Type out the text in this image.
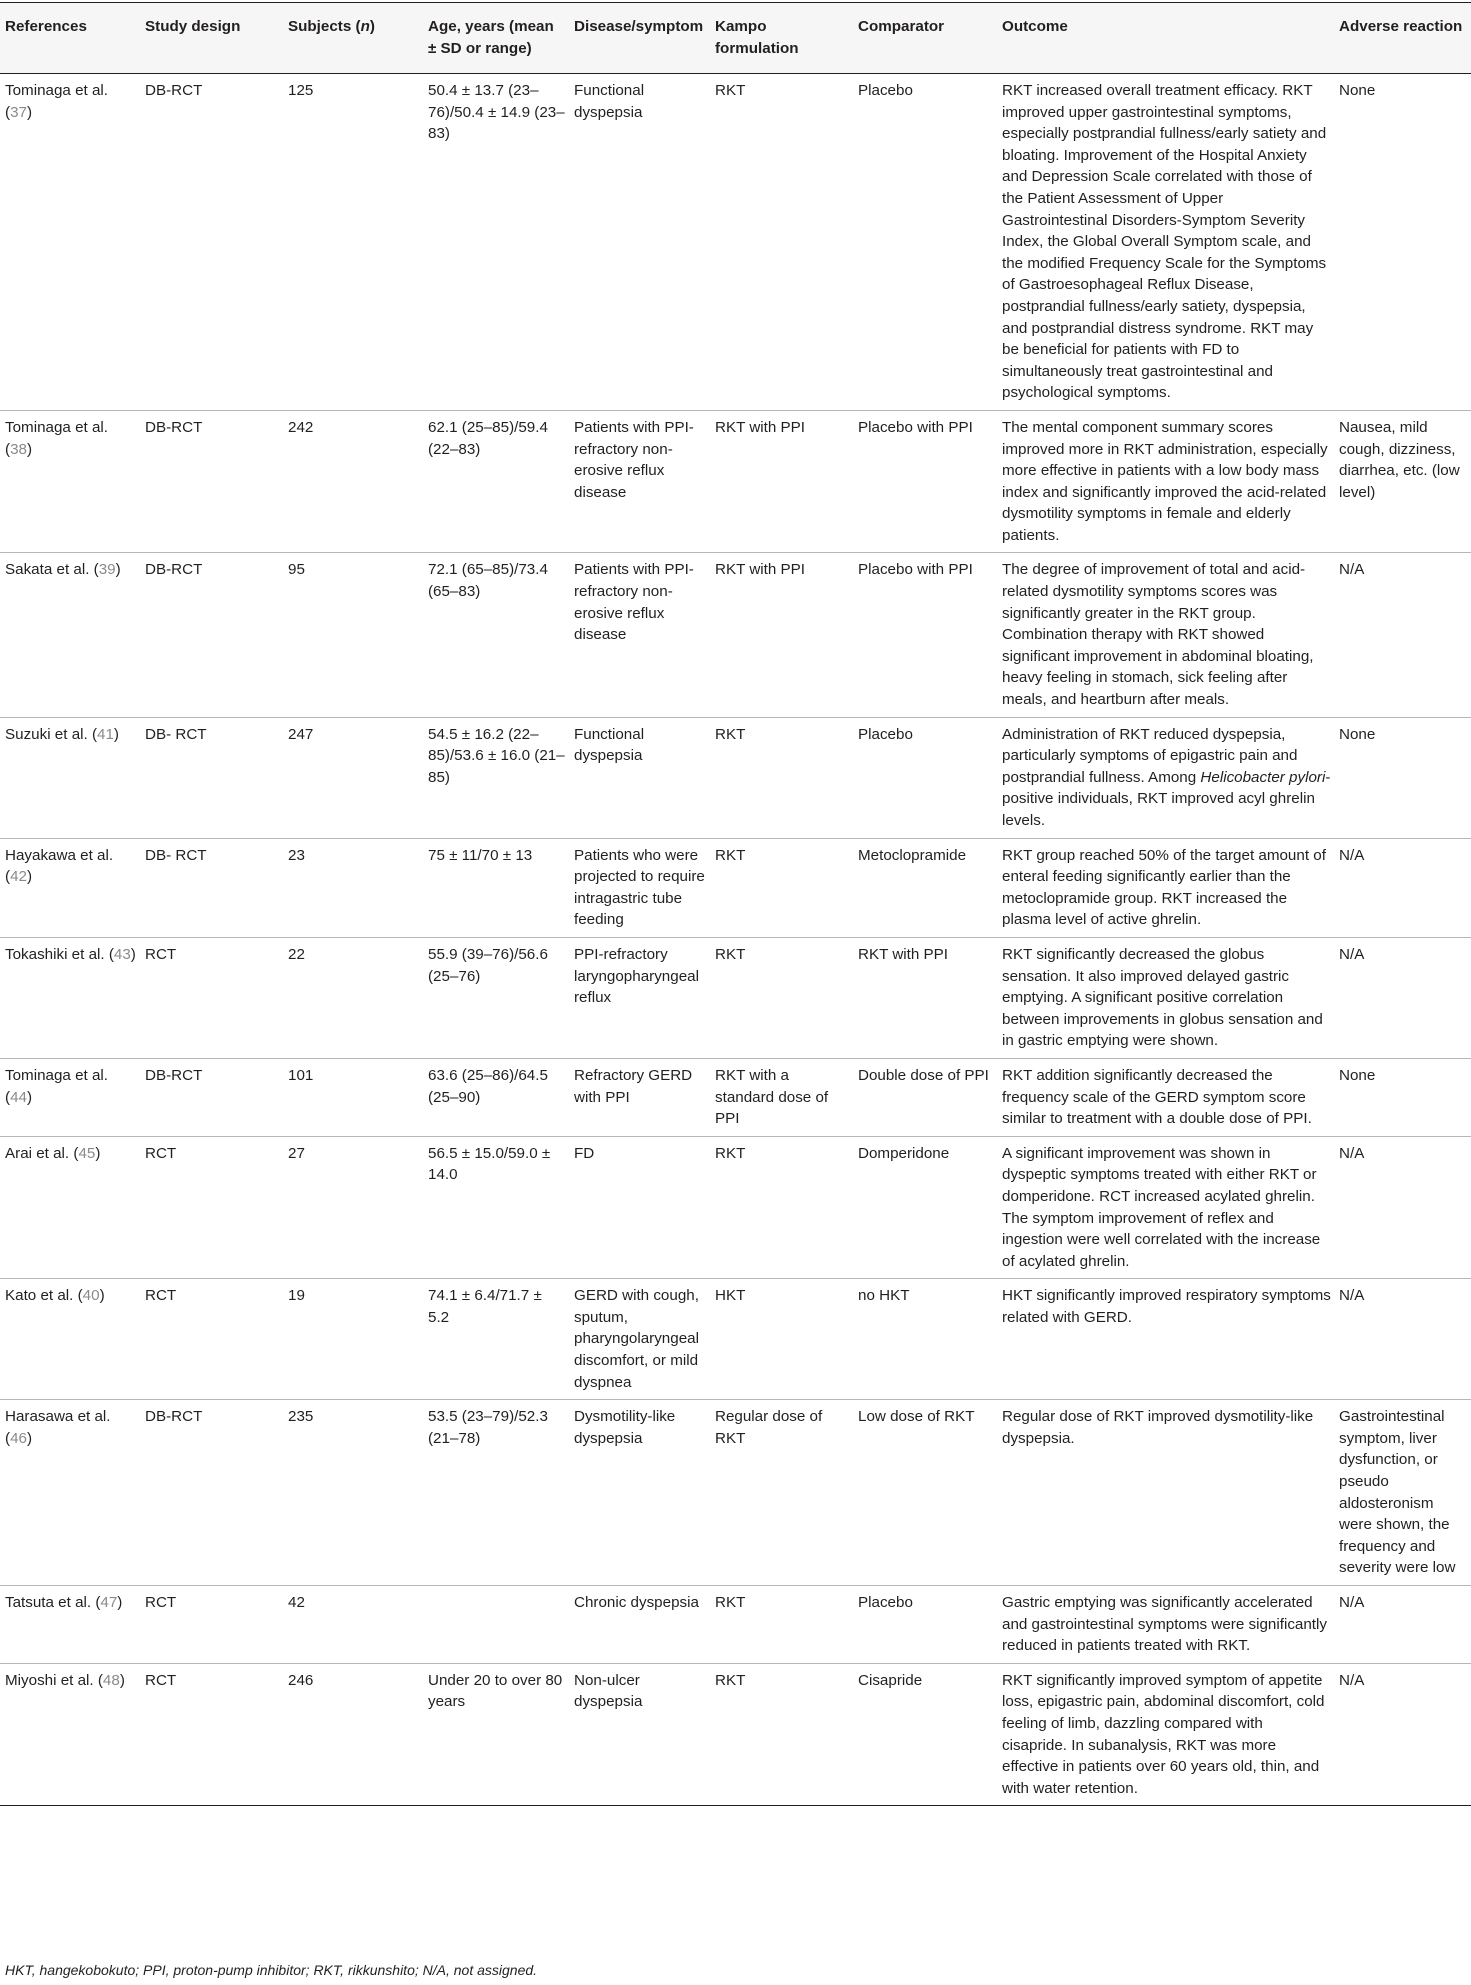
References	Study design	Subjects (n)	Age, years (mean ± SD or range)	Disease/symptom	Kampo formulation	Comparator	Outcome	Adverse reaction
Tominaga et al. (37)	DB-RCT	125	50.4 ± 13.7 (23–76)/50.4 ± 14.9 (23–83)	Functional dyspepsia	RKT	Placebo	RKT increased overall treatment efficacy. RKT improved upper gastrointestinal symptoms, especially postprandial fullness/early satiety and bloating. Improvement of the Hospital Anxiety and Depression Scale correlated with those of the Patient Assessment of Upper Gastrointestinal Disorders-Symptom Severity Index, the Global Overall Symptom scale, and the modified Frequency Scale for the Symptoms of Gastroesophageal Reflux Disease, postprandial fullness/early satiety, dyspepsia, and postprandial distress syndrome. RKT may be beneficial for patients with FD to simultaneously treat gastrointestinal and psychological symptoms.	None
Tominaga et al. (38)	DB-RCT	242	62.1 (25–85)/59.4 (22–83)	Patients with PPI-refractory non-erosive reflux disease	RKT with PPI	Placebo with PPI	The mental component summary scores improved more in RKT administration, especially more effective in patients with a low body mass index and significantly improved the acid-related dysmotility symptoms in female and elderly patients.	Nausea, mild cough, dizziness, diarrhea, etc. (low level)
Sakata et al. (39)	DB-RCT	95	72.1 (65–85)/73.4 (65–83)	Patients with PPI-refractory non-erosive reflux disease	RKT with PPI	Placebo with PPI	The degree of improvement of total and acid-related dysmotility symptoms scores was significantly greater in the RKT group. Combination therapy with RKT showed significant improvement in abdominal bloating, heavy feeling in stomach, sick feeling after meals, and heartburn after meals.	N/A
Suzuki et al. (41)	DB- RCT	247	54.5 ± 16.2 (22–85)/53.6 ± 16.0 (21–85)	Functional dyspepsia	RKT	Placebo	Administration of RKT reduced dyspepsia, particularly symptoms of epigastric pain and postprandial fullness. Among Helicobacter pylori-positive individuals, RKT improved acyl ghrelin levels.	None
Hayakawa et al. (42)	DB- RCT	23	75 ± 11/70 ± 13	Patients who were projected to require intragastric tube feeding	RKT	Metoclopramide	RKT group reached 50% of the target amount of enteral feeding significantly earlier than the metoclopramide group. RKT increased the plasma level of active ghrelin.	N/A
Tokashiki et al. (43)	RCT	22	55.9 (39–76)/56.6 (25–76)	PPI-refractory laryngopharyngeal reflux	RKT	RKT with PPI	RKT significantly decreased the globus sensation. It also improved delayed gastric emptying. A significant positive correlation between improvements in globus sensation and in gastric emptying were shown.	N/A
Tominaga et al. (44)	DB-RCT	101	63.6 (25–86)/64.5 (25–90)	Refractory GERD with PPI	RKT with a standard dose of PPI	Double dose of PPI	RKT addition significantly decreased the frequency scale of the GERD symptom score similar to treatment with a double dose of PPI.	None
Arai et al. (45)	RCT	27	56.5 ± 15.0/59.0 ± 14.0	FD	RKT	Domperidone	A significant improvement was shown in dyspeptic symptoms treated with either RKT or domperidone. RCT increased acylated ghrelin. The symptom improvement of reflex and ingestion were well correlated with the increase of acylated ghrelin.	N/A
Kato et al. (40)	RCT	19	74.1 ± 6.4/71.7 ± 5.2	GERD with cough, sputum, pharyngolaryngeal discomfort, or mild dyspnea	HKT	no HKT	HKT significantly improved respiratory symptoms related with GERD.	N/A
Harasawa et al. (46)	DB-RCT	235	53.5 (23–79)/52.3 (21–78)	Dysmotility-like dyspepsia	Regular dose of RKT	Low dose of RKT	Regular dose of RKT improved dysmotility-like dyspepsia.	Gastrointestinal symptom, liver dysfunction, or pseudo aldosteronism were shown, the frequency and severity were low
Tatsuta et al. (47)	RCT	42		Chronic dyspepsia	RKT	Placebo	Gastric emptying was significantly accelerated and gastrointestinal symptoms were significantly reduced in patients treated with RKT.	N/A
Miyoshi et al. (48)	RCT	246	Under 20 to over 80 years	Non-ulcer dyspepsia	RKT	Cisapride	RKT significantly improved symptom of appetite loss, epigastric pain, abdominal discomfort, cold feeling of limb, dazzling compared with cisapride. In subanalysis, RKT was more effective in patients over 60 years old, thin, and with water retention.	N/A
HKT, hangekobokuto; PPI, proton-pump inhibitor; RKT, rikkunshito; N/A, not assigned.
